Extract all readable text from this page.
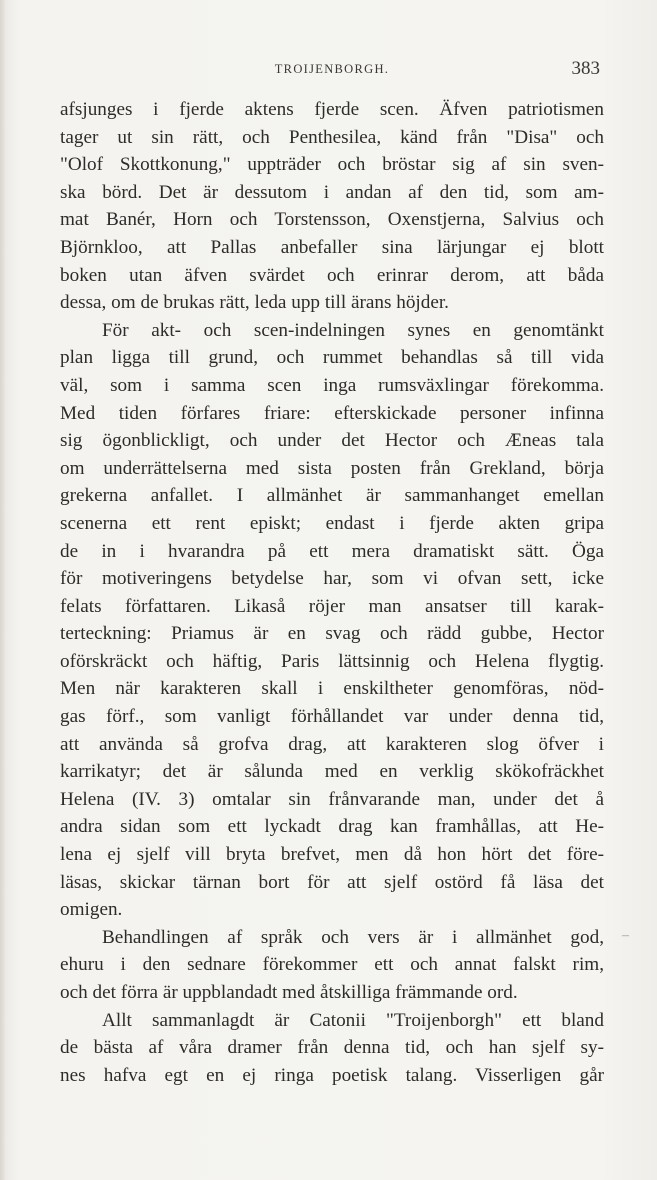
TROIJENBORGH.	383
–
afsjunges i fjerde aktens fjerde scen. Äfven patriotismen
tager ut sin rätt, och Penthesilea, känd från "Disa" och
"Olof Skottkonung," uppträder och bröstar sig af sin sven-
ska börd. Det är dessutom i andan af den tid, som am-
mat Banér, Horn och Torstensson, Oxenstjerna, Salvius och
Björnkloo, att Pallas anbefaller sina lärjungar ej blott
boken utan äfven svärdet och erinrar derom, att båda
dessa, om de brukas rätt, leda upp till ärans höjder.
För akt- och scen-indelningen synes en genomtänkt
plan ligga till grund, och rummet behandlas så till vida
väl, som i samma scen inga rumsväxlingar förekomma.
Med tiden förfares friare: efterskickade personer infinna
sig ögonblickligt, och under det Hector och Æneas tala
om underrättelserna med sista posten från Grekland, börja
grekerna anfallet. I allmänhet är sammanhanget emellan
scenerna ett rent episkt; endast i fjerde akten gripa
de in i hvarandra på ett mera dramatiskt sätt. Öga
för motiveringens betydelse har, som vi ofvan sett, icke
felats författaren. Likaså röjer man ansatser till karak-
terteckning: Priamus är en svag och rädd gubbe, Hector
oförskräckt och häftig, Paris lättsinnig och Helena flygtig.
Men när karakteren skall i enskiltheter genomföras, nöd-
gas förf., som vanligt förhållandet var under denna tid,
att använda så grofva drag, att karakteren slog öfver i
karrikatyr; det är sålunda med en verklig skökofräckhet
Helena (IV. 3) omtalar sin frånvarande man, under det å
andra sidan som ett lyckadt drag kan framhållas, att He-
lena ej sjelf vill bryta brefvet, men då hon hört det före-
läsas, skickar tärnan bort för att sjelf ostörd få läsa det
omigen.
Behandlingen af språk och vers är i allmänhet god,
ehuru i den sednare förekommer ett och annat falskt rim,
och det förra är uppblandadt med åtskilliga främmande ord.
Allt sammanlagdt är Catonii "Troijenborgh" ett bland
de bästa af våra dramer från denna tid, och han sjelf sy-
nes hafva egt en ej ringa poetisk talang. Visserligen går
